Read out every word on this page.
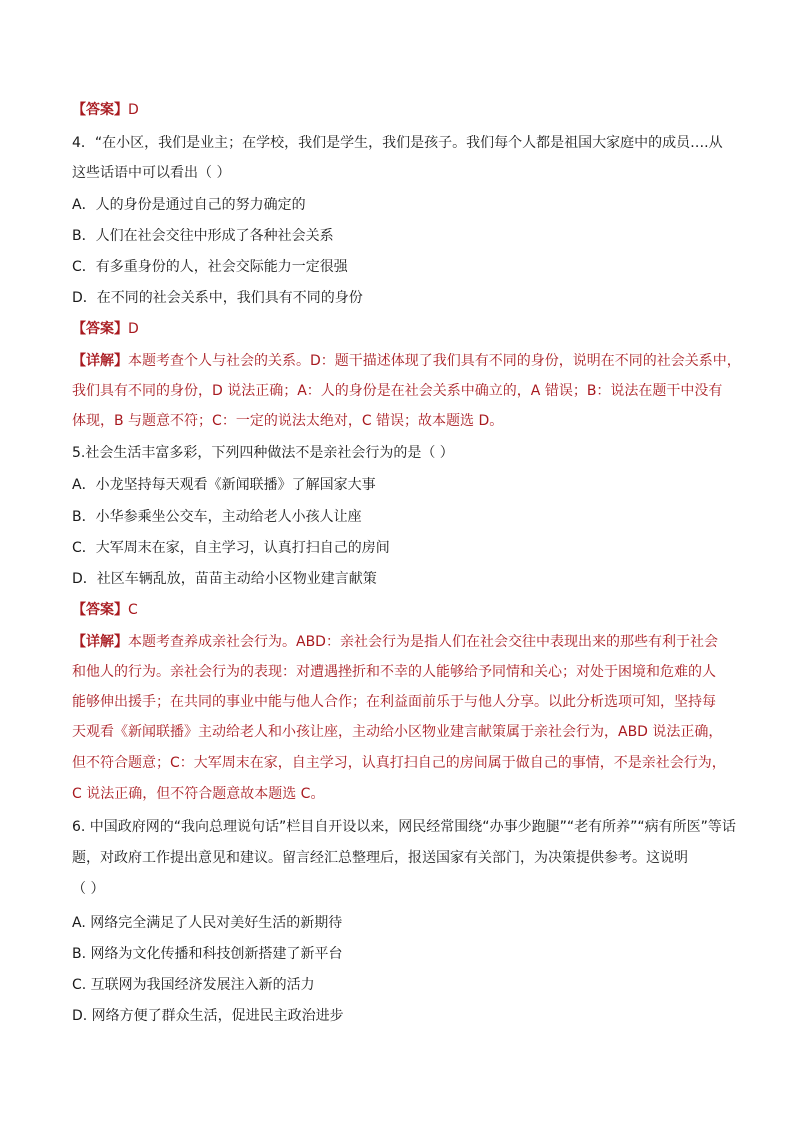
【答案】D
4．“在小区，我们是业主；在学校，我们是学生，我们是孩子。我们每个人都是祖国大家庭中的成员….从
这些话语中可以看出（ ）
A．人的身份是通过自己的努力确定的
B．人们在社会交往中形成了各种社会关系
C．有多重身份的人，社会交际能力一定很强
D．在不同的社会关系中，我们具有不同的身份
【答案】D
【详解】本题考查个人与社会的关系。D：题干描述体现了我们具有不同的身份，说明在不同的社会关系中，
我们具有不同的身份，D 说法正确；A：人的身份是在社会关系中确立的，A 错误；B：说法在题干中没有
体现，B 与题意不符；C：一定的说法太绝对，C 错误；故本题选 D。
5.社会生活丰富多彩，下列四种做法不是亲社会行为的是（ ）
A．小龙坚持每天观看《新闻联播》了解国家大事
B．小华参乘坐公交车，主动给老人小孩人让座
C．大军周末在家，自主学习，认真打扫自己的房间
D．社区车辆乱放，苗苗主动给小区物业建言献策
【答案】C
【详解】本题考查养成亲社会行为。ABD：亲社会行为是指人们在社会交往中表现出来的那些有利于社会
和他人的行为。亲社会行为的表现：对遭遇挫折和不幸的人能够给予同情和关心；对处于困境和危难的人
能够伸出援手；在共同的事业中能与他人合作；在利益面前乐于与他人分享。以此分析选项可知，坚持每
天观看《新闻联播》主动给老人和小孩让座，主动给小区物业建言献策属于亲社会行为，ABD 说法正确，
但不符合题意；C：大军周末在家，自主学习，认真打扫自己的房间属于做自己的事情，不是亲社会行为，
C 说法正确，但不符合题意故本题选 C。
6. 中国政府网的“我向总理说句话”栏目自开设以来，网民经常围绕“办事少跑腿”“老有所养”“病有所医”等话
题，对政府工作提出意见和建议。留言经汇总整理后，报送国家有关部门，为决策提供参考。这说明
（ ）
A. 网络完全满足了人民对美好生活的新期待
B. 网络为文化传播和科技创新搭建了新平台
C. 互联网为我国经济发展注入新的活力
D. 网络方便了群众生活，促进民主政治进步
